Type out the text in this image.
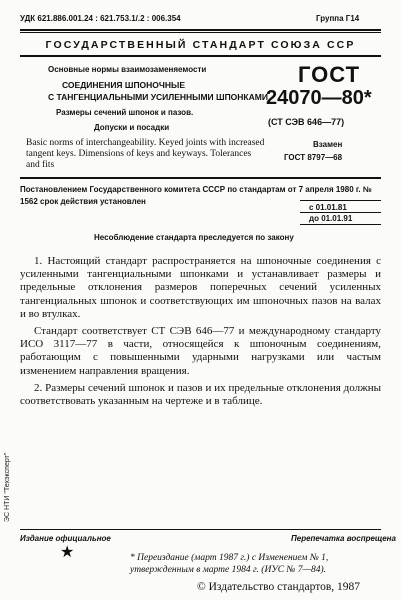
УДК 621.886.001.24 : 621.753.1/.2 : 006.354	Группа Г14
ГОСУДАРСТВЕННЫЙ СТАНДАРТ СОЮЗА ССР
Основные нормы взаимозаменяемости
СОЕДИНЕНИЯ ШПОНОЧНЫЕ
С ТАНГЕНЦИАЛЬНЫМИ УСИЛЕННЫМИ ШПОНКАМИ
Размеры сечений шпонок и пазов.
Допуски и посадки
Basic norms of interchangeability. Keyed joints with increased tangent keys. Dimensions of keys and keyways. Tolerances and fits
ГОСТ
24070—80*
(СТ СЭВ 646—77)
Взамен
ГОСТ 8797—68
Постановлением Государственного комитета СССР по стандартам от 7 апреля 1980 г. № 1562 срок действия установлен
с 01.01.81
до 01.01.91
Несоблюдение стандарта преследуется по закону
1. Настоящий стандарт распространяется на шпоночные соединения с усиленными тангенциальными шпонками и устанавливает размеры и предельные отклонения размеров поперечных сечений усиленных тангенциальных шпонок и соответствующих им шпоночных пазов на валах и во втулках.
Стандарт соответствует СТ СЭВ 646—77 и международному стандарту ИСО 3117—77 в части, относящейся к шпоночным соединениям, работающим с повышенными ударными нагрузками или частым изменением направления вращения.
2. Размеры сечений шпонок и пазов и их предельные отклонения должны соответствовать указанным на чертеже и в таблице.
ЭС НТИ "Техэксперт"
Издание официальное	Перепечатка воспрещена
★	* Переиздание (март 1987 г.) с Изменением № 1, утвержденным в марте 1984 г. (ИУС № 7—84).
© Издательство стандартов, 1987
